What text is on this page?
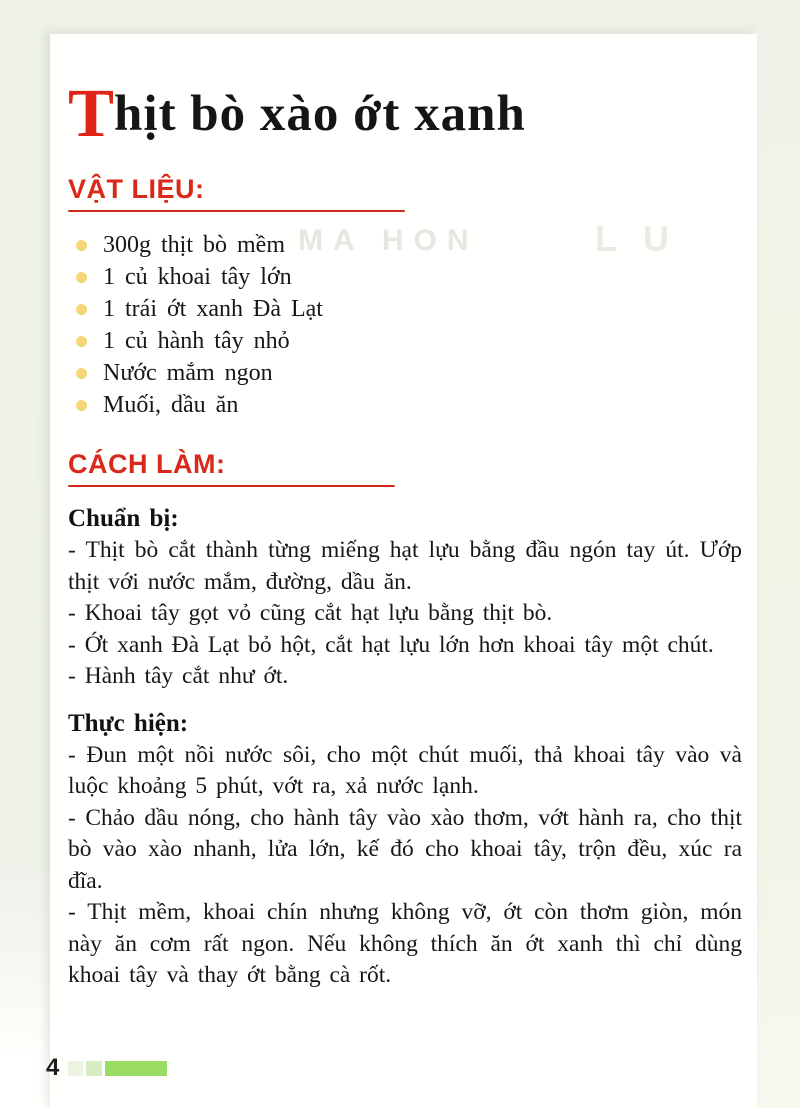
MA HON	LU
Thịt bò xào ớt xanh
VẬT LIỆU:
300g thịt bò mềm
1 củ khoai tây lớn
1 trái ớt xanh Đà Lạt
1 củ hành tây nhỏ
Nước mắm ngon
Muối, dầu ăn
CÁCH LÀM:
Chuẩn bị:

- Thịt bò cắt thành từng miếng hạt lựu bằng đầu ngón tay út. Ướp thịt với nước mắm, đường, dầu ăn.

- Khoai tây gọt vỏ cũng cắt hạt lựu bằng thịt bò.

- Ớt xanh Đà Lạt bỏ hột, cắt hạt lựu lớn hơn khoai tây một chút.

- Hành tây cắt như ớt.

Thực hiện:

- Đun một nồi nước sôi, cho một chút muối, thả khoai tây vào và luộc khoảng 5 phút, vớt ra, xả nước lạnh.

- Chảo dầu nóng, cho hành tây vào xào thơm, vớt hành ra, cho thịt bò vào xào nhanh, lửa lớn, kế đó cho khoai tây, trộn đều, xúc ra đĩa.

- Thịt mềm, khoai chín nhưng không vỡ, ớt còn thơm giòn, món này ăn cơm rất ngon. Nếu không thích ăn ớt xanh thì chỉ dùng khoai tây và thay ớt bằng cà rốt.

4
